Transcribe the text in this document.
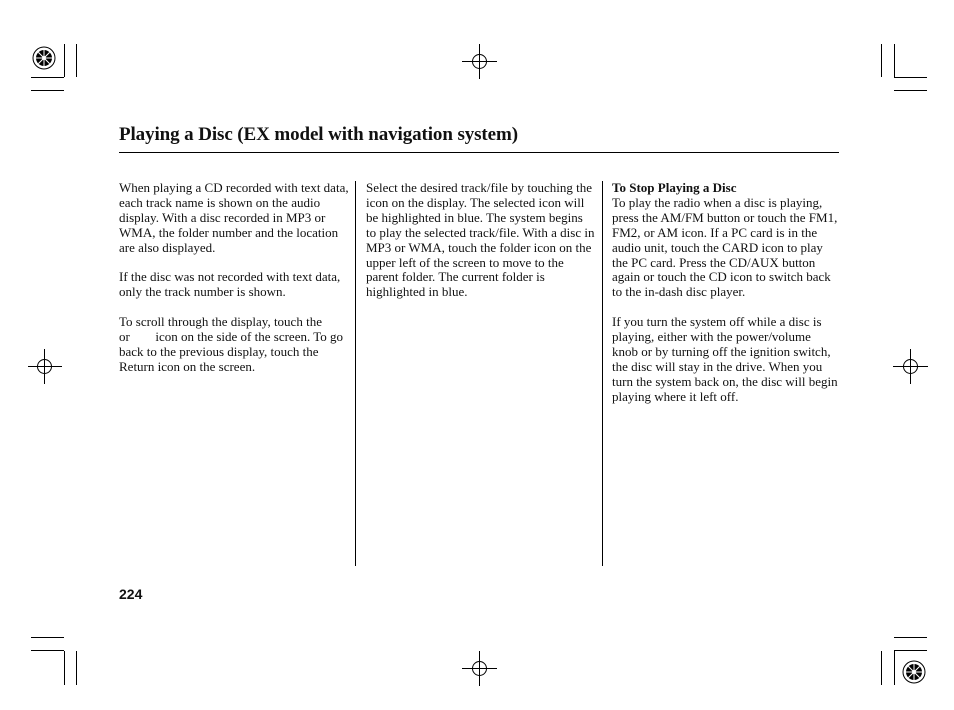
Playing a Disc (EX model with navigation system)

When playing a CD recorded with text data, each track name is shown on the audio display. With a disc recorded in MP3 or WMA, the folder number and the location are also displayed.

If the disc was not recorded with text data, only the track number is shown.

To scroll through the display, touch the  or icon on the side of the screen. To go back to the previous display, touch the Return icon on the screen.

Select the desired track/file by touching the icon on the display. The selected icon will be highlighted in blue. The system begins to play the selected track/file. With a disc in MP3 or WMA, touch the folder icon on the upper left of the screen to move to the parent folder. The current folder is highlighted in blue.

To Stop Playing a Disc
To play the radio when a disc is playing, press the AM/FM button or touch the FM1, FM2, or AM icon. If a PC card is in the audio unit, touch the CARD icon to play the PC card. Press the CD/AUX button again or touch the CD icon to switch back to the in-dash disc player.

If you turn the system off while a disc is playing, either with the power/volume knob or by turning off the ignition switch, the disc will stay in the drive. When you turn the system back on, the disc will begin playing where it left off.

224
